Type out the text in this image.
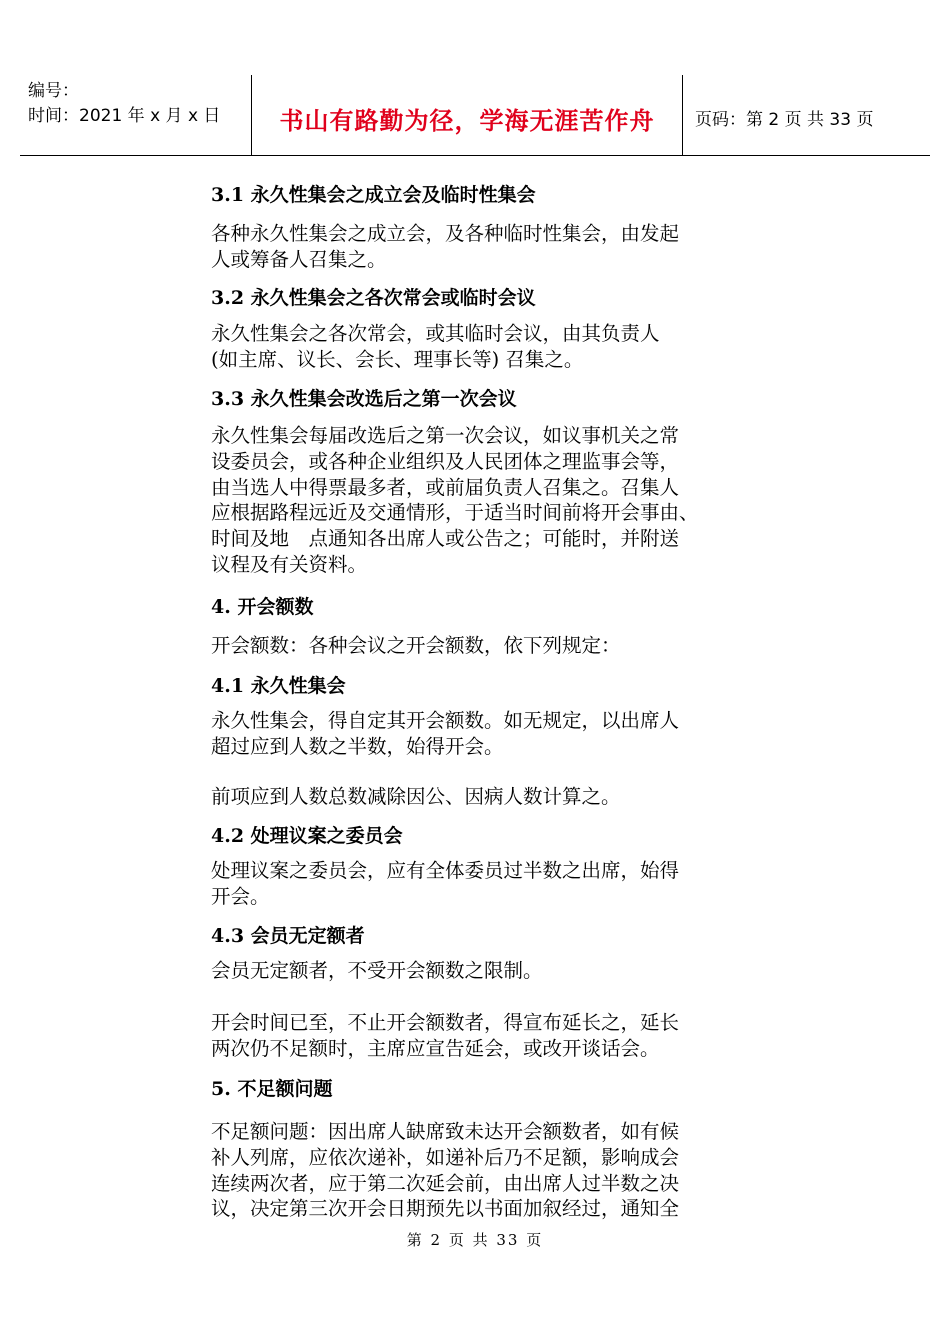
编号：
时间：2021 年 x 月 x 日	书山有路勤为径，学海无涯苦作舟	页码：第 2 页 共 33 页
3.1 永久性集会之成立会及临时性集会
各种永久性集会之成立会，及各种临时性集会，由发起
人或筹备人召集之。
3.2 永久性集会之各次常会或临时会议
永久性集会之各次常会，或其临时会议，由其负责人
(如主席、议长、会长、理事长等) 召集之。
3.3 永久性集会改选后之第一次会议
永久性集会每届改选后之第一次会议，如议事机关之常
设委员会，或各种企业组织及人民团体之理监事会等，
由当选人中得票最多者，或前届负责人召集之。召集人
应根据路程远近及交通情形，于适当时间前将开会事由、
时间及地　点通知各出席人或公告之；可能时，并附送
议程及有关资料。
4. 开会额数
开会额数：各种会议之开会额数，依下列规定：
4.1 永久性集会
永久性集会，得自定其开会额数。如无规定，以出席人
超过应到人数之半数，始得开会。
前项应到人数总数减除因公、因病人数计算之。
4.2 处理议案之委员会
处理议案之委员会，应有全体委员过半数之出席，始得
开会。
4.3 会员无定额者
会员无定额者，不受开会额数之限制。
开会时间已至，不止开会额数者，得宣布延长之，延长
两次仍不足额时，主席应宣告延会，或改开谈话会。
5. 不足额问题
不足额问题：因出席人缺席致未达开会额数者，如有候
补人列席，应依次递补，如递补后乃不足额，影响成会
连续两次者，应于第二次延会前，由出席人过半数之决
议，决定第三次开会日期预先以书面加叙经过，通知全
第 2 页 共 33 页
